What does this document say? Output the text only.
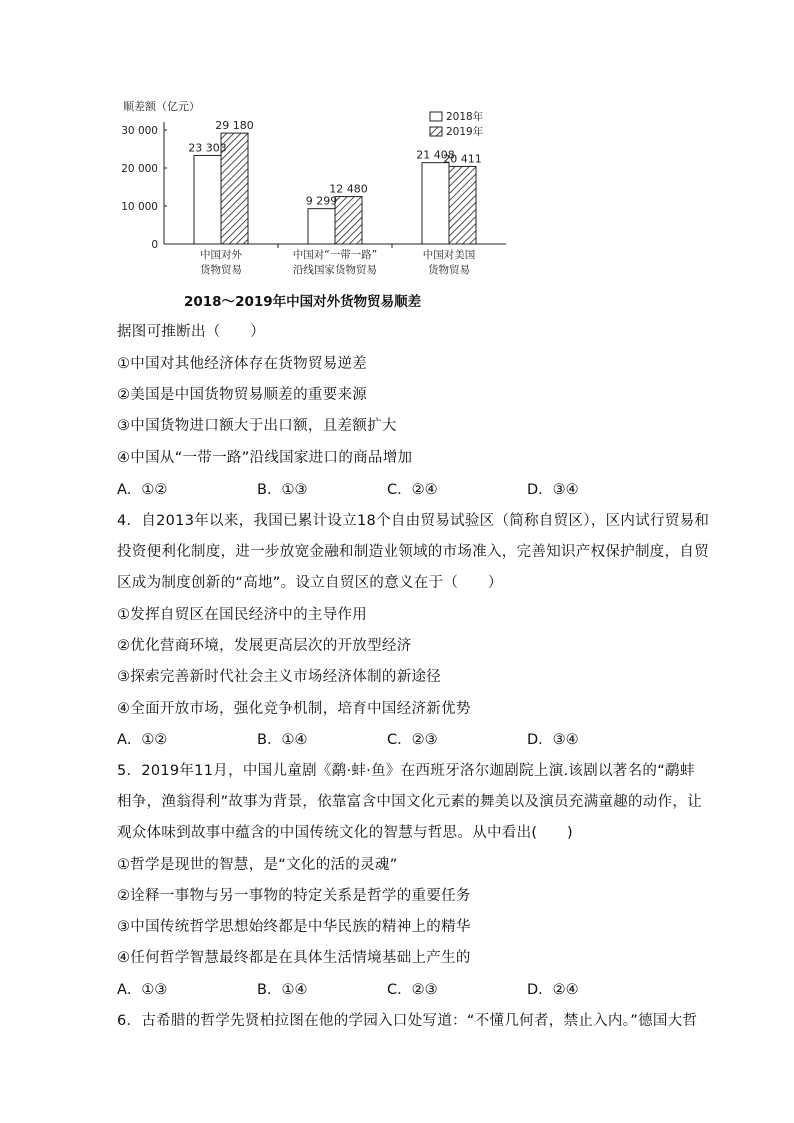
顺差额（亿元）
0
10 000
20 000
30 000
23 303
29 180
9 299
12 480
21 408
20 411
中国对外
货物贸易
中国对“一带一路”
沿线国家货物贸易
中国对美国
货物贸易
2018年
2019年
2018～2019年中国对外货物贸易顺差
据图可推断出（　　）
①中国对其他经济体存在货物贸易逆差
②美国是中国货物贸易顺差的重要来源
③中国货物进口额大于出口额，且差额扩大
④中国从“一带一路”沿线国家进口的商品增加
A．①②	B．①③	C．②④	D．③④
4．自2013年以来，我国已累计设立18个自由贸易试验区（简称自贸区），区内试行贸易和
投资便利化制度，进一步放宽金融和制造业领域的市场准入，完善知识产权保护制度，自贸
区成为制度创新的“高地”。设立自贸区的意义在于（　　）
①发挥自贸区在国民经济中的主导作用
②优化营商环境，发展更高层次的开放型经济
③探索完善新时代社会主义市场经济体制的新途径
④全面开放市场，强化竞争机制，培育中国经济新优势
A．①②	B．①④	C．②③	D．③④
5．2019年11月，中国儿童剧《鹬·蚌·鱼》在西班牙洛尔迦剧院上演.该剧以著名的“鹬蚌
相争，渔翁得利”故事为背景，依靠富含中国文化元素的舞美以及演员充满童趣的动作，让
观众体味到故事中蕴含的中国传统文化的智慧与哲思。从中看出(　　)
①哲学是现世的智慧，是“文化的活的灵魂”
②诠释一事物与另一事物的特定关系是哲学的重要任务
③中国传统哲学思想始终都是中华民族的精神上的精华
④任何哲学智慧最终都是在具体生活情境基础上产生的
A．①③	B．①④	C．②③	D．②④
6．古希腊的哲学先贤柏拉图在他的学园入口处写道：“不懂几何者，禁止入内。”德国大哲
